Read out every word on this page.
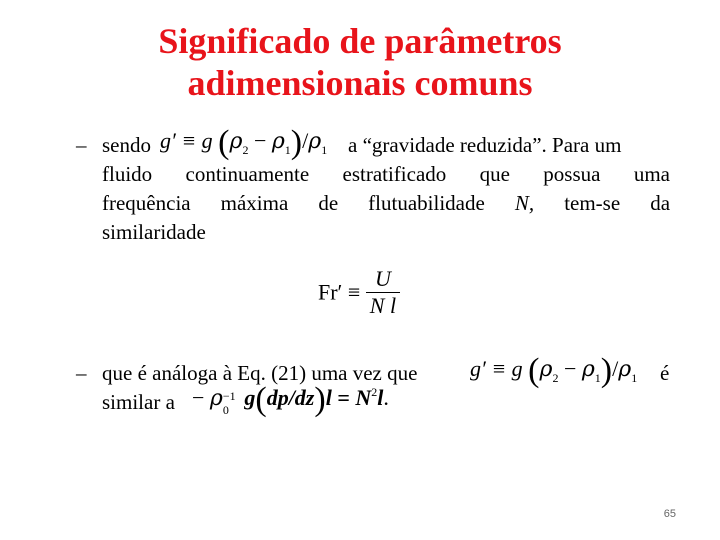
Significado de parâmetros
adimensionais comuns
– sendo g′ ≡ g $(\rho_2 - \rho_1)/\rho_1$ a “gravidade reduzida”. Para um
fluido continuamente estratificado que possua uma
frequência máxima de flutuabilidade N, tem-se da
similaridade
$Fr' \equiv \frac{U}{\text{N l}}$
– que é análoga à Eq. (21) uma vez que g′ ≡ g $(\rho_2 - \rho_1)/\rho_1$ é
similar a − ρ −1
0 $g(dp/dz)l = N^2l$.
65
